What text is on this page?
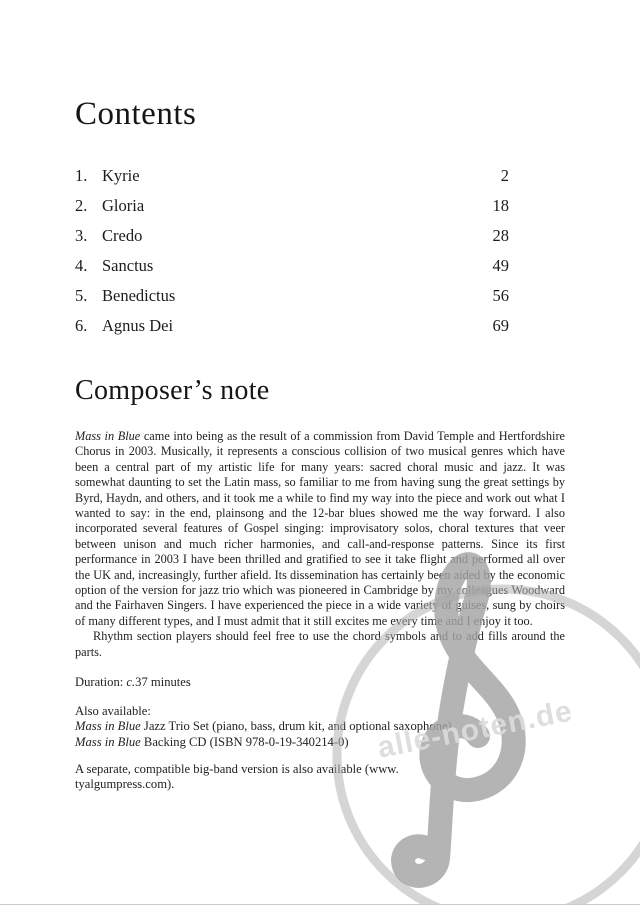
Contents
1. Kyrie	2
2. Gloria	18
3. Credo	28
4. Sanctus	49
5. Benedictus	56
6. Agnus Dei	69
Composer’s note

Mass in Blue came into being as the result of a commission from David Temple and Hertfordshire Chorus in 2003. Musically, it represents a conscious collision of two musical genres which have been a central part of my artistic life for many years: sacred choral music and jazz. It was somewhat daunting to set the Latin mass, so familiar to me from having sung the great settings by Byrd, Haydn, and others, and it took me a while to find my way into the piece and work out what I wanted to say: in the end, plainsong and the 12-bar blues showed me the way forward. I also incorporated several features of Gospel singing: improvisatory solos, choral textures that veer between unison and much richer harmonies, and call-and-response patterns. Since its first performance in 2003 I have been thrilled and gratified to see it take flight and performed all over the UK and, increasingly, further afield. Its dissemination has certainly been aided by the economic option of the version for jazz trio which was pioneered in Cambridge by my colleagues Woodward and the Fairhaven Singers. I have experienced the piece in a wide variety of guises, sung by choirs of many different types, and I must admit that it still excites me every time and I enjoy it too.

Rhythm section players should feel free to use the chord symbols and to add fills around the parts.

Duration: c.37 minutes

Also available:

Mass in Blue Jazz Trio Set (piano, bass, drum kit, and optional saxophone)

Mass in Blue Backing CD (ISBN 978-0-19-340214-0)

A separate, compatible big-band version is also available (www.
tyalgumpress.com).

alle-noten.de
